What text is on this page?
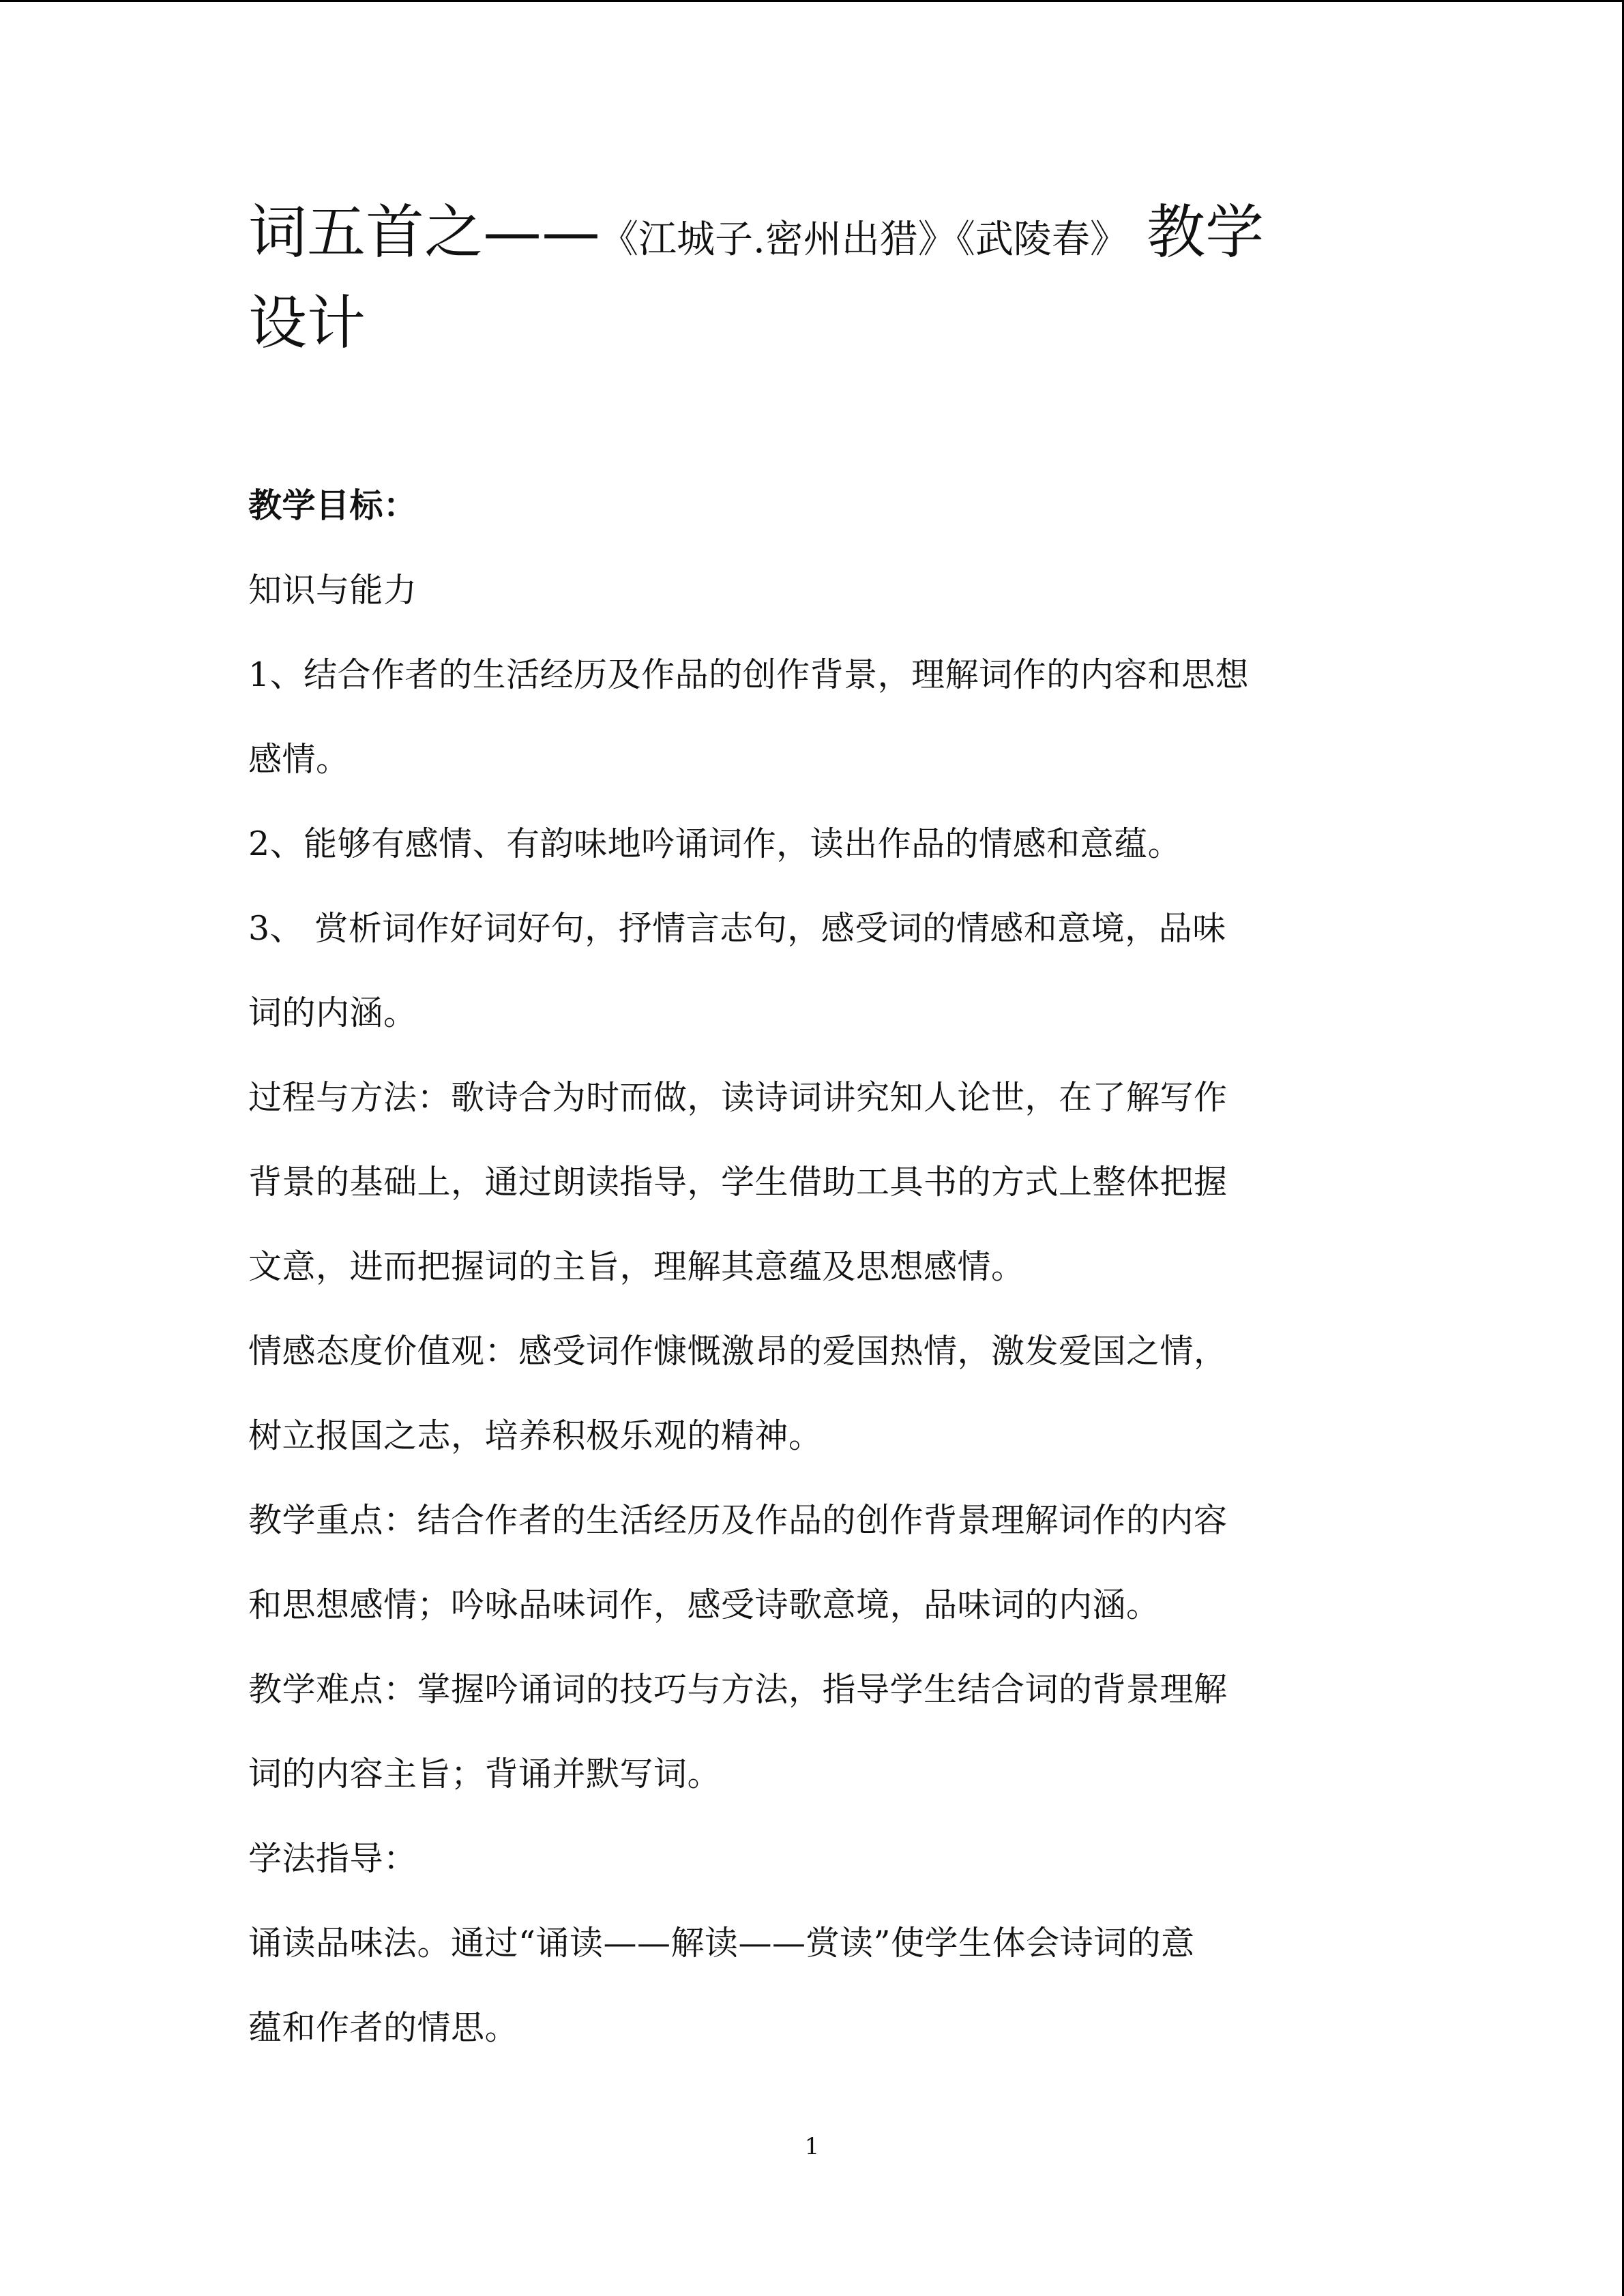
词五首之——《江城子.密州出猎》《武陵春》 教学
设计

教学目标：

知识与能力

1、结合作者的生活经历及作品的创作背景，理解词作的内容和思想

感情。

2、能够有感情、有韵味地吟诵词作，读出作品的情感和意蕴。

3、 赏析词作好词好句，抒情言志句，感受词的情感和意境，品味

词的内涵。

过程与方法：歌诗合为时而做，读诗词讲究知人论世，在了解写作

背景的基础上，通过朗读指导，学生借助工具书的方式上整体把握

文意，进而把握词的主旨，理解其意蕴及思想感情。

情感态度价值观：感受词作慷慨激昂的爱国热情，激发爱国之情，

树立报国之志，培养积极乐观的精神。

教学重点：结合作者的生活经历及作品的创作背景理解词作的内容

和思想感情；吟咏品味词作，感受诗歌意境，品味词的内涵。

教学难点：掌握吟诵词的技巧与方法，指导学生结合词的背景理解

词的内容主旨；背诵并默写词。

学法指导：

诵读品味法。通过“诵读——解读——赏读”使学生体会诗词的意

蕴和作者的情思。

1
